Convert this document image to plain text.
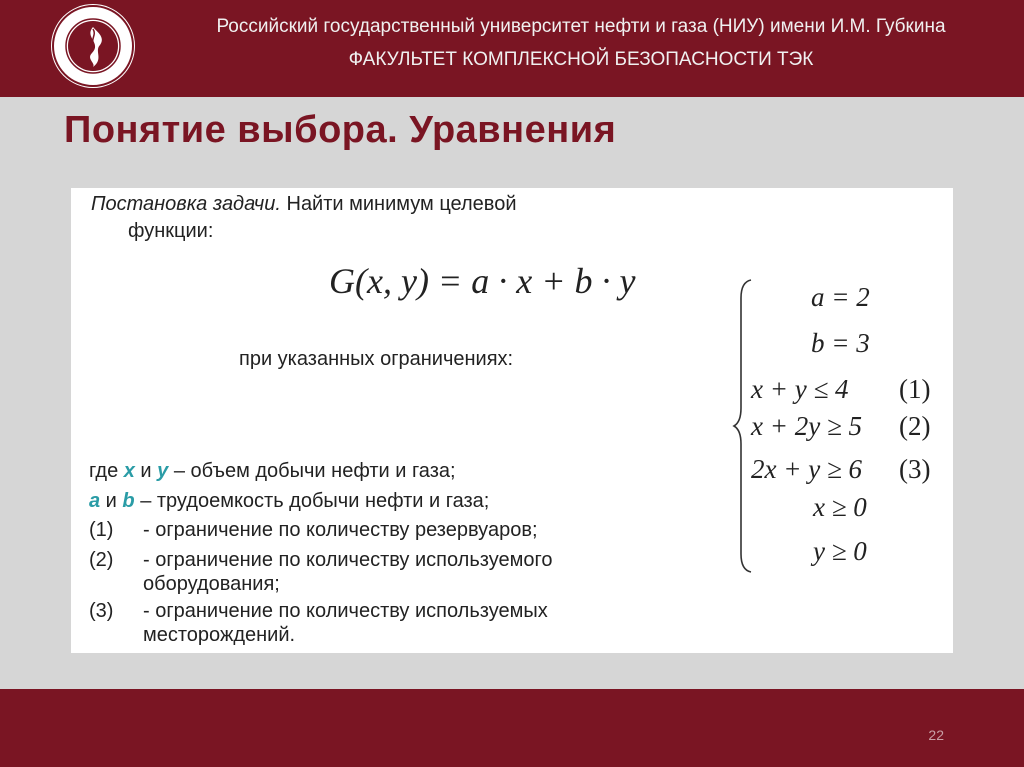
Российский государственный университет нефти и газа (НИУ) имени И.М. Губкина
ФАКУЛЬТЕТ КОМПЛЕКСНОЙ БЕЗОПАСНОСТИ ТЭК
Понятие выбора. Уравнения
Постановка задачи. Найти минимум целевой
функции:
G(x, y) = a · x + b · y
при указанных ограничениях:
a = 2
b = 3
x + y ≤ 4 (1)
x + 2y ≥ 5 (2)
2x + y ≥ 6 (3)
x ≥ 0
y ≥ 0
где x и y – объем добычи нефти и газа;
a и b – трудоемкость добычи нефти и газа;
(1) - ограничение по количеству резервуаров;
(2) - ограничение по количеству используемого
оборудования;
(3) - ограничение по количеству используемых
месторождений.
22
